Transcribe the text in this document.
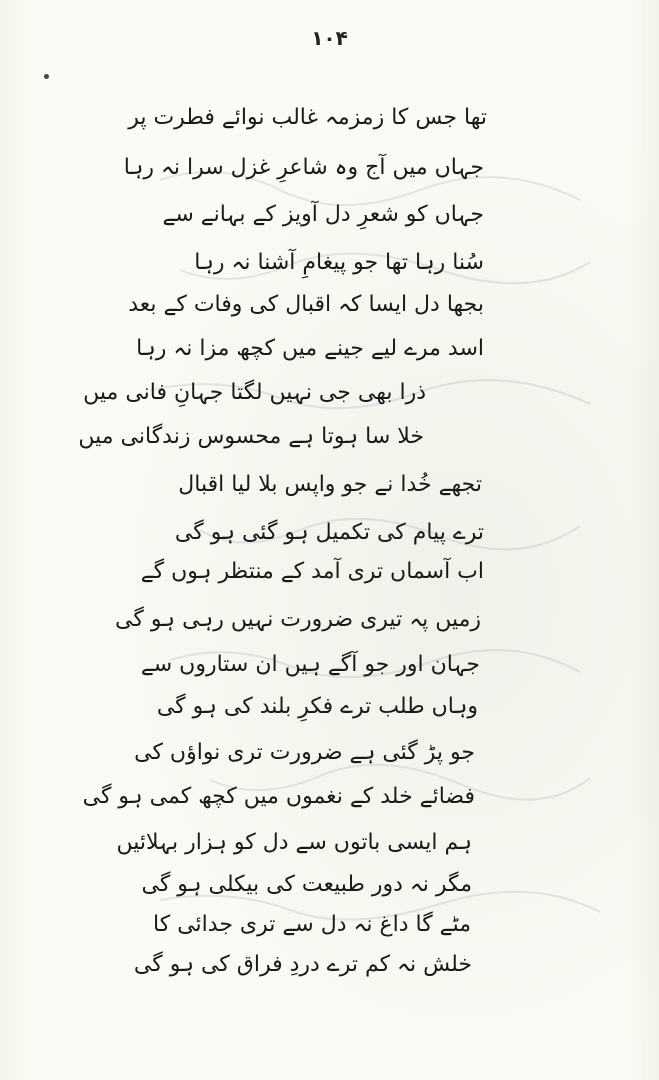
۱۰۴
تھا جس کا زمزمہ غالب نوائے فطرت پر
جہاں میں آج وہ شاعرِ غزل سرا نہ رہا
جہاں کو شعرِ دل آویز کے بہانے سے
سُنا رہا تھا جو پیغامِ آشنا نہ رہا
بجھا دل ایسا کہ اقبال کی وفات کے بعد
اسد مرے لیے جینے میں کچھ مزا نہ رہا
ذرا بھی جی نہیں لگتا جہانِ فانی میں
خلا سا ہوتا ہے محسوس زندگانی میں
تجھے خُدا نے جو واپس بلا لیا اقبال
ترے پیام کی تکمیل ہو گئی ہو گی
اب آسماں تری آمد کے منتظر ہوں گے
زمیں پہ تیری ضرورت نہیں رہی ہو گی
جہان اور جو آگے ہیں ان ستاروں سے
وہاں طلب ترے فکرِ بلند کی ہو گی
جو پڑ گئی ہے ضرورت تری نواؤں کی
فضائے خلد کے نغموں میں کچھ کمی ہو گی
ہم ایسی باتوں سے دل کو ہزار بہلائیں
مگر نہ دور طبیعت کی بیکلی ہو گی
مٹے گا داغ نہ دل سے تری جدائی کا
خلش نہ کم ترے دردِ فراق کی ہو گی
